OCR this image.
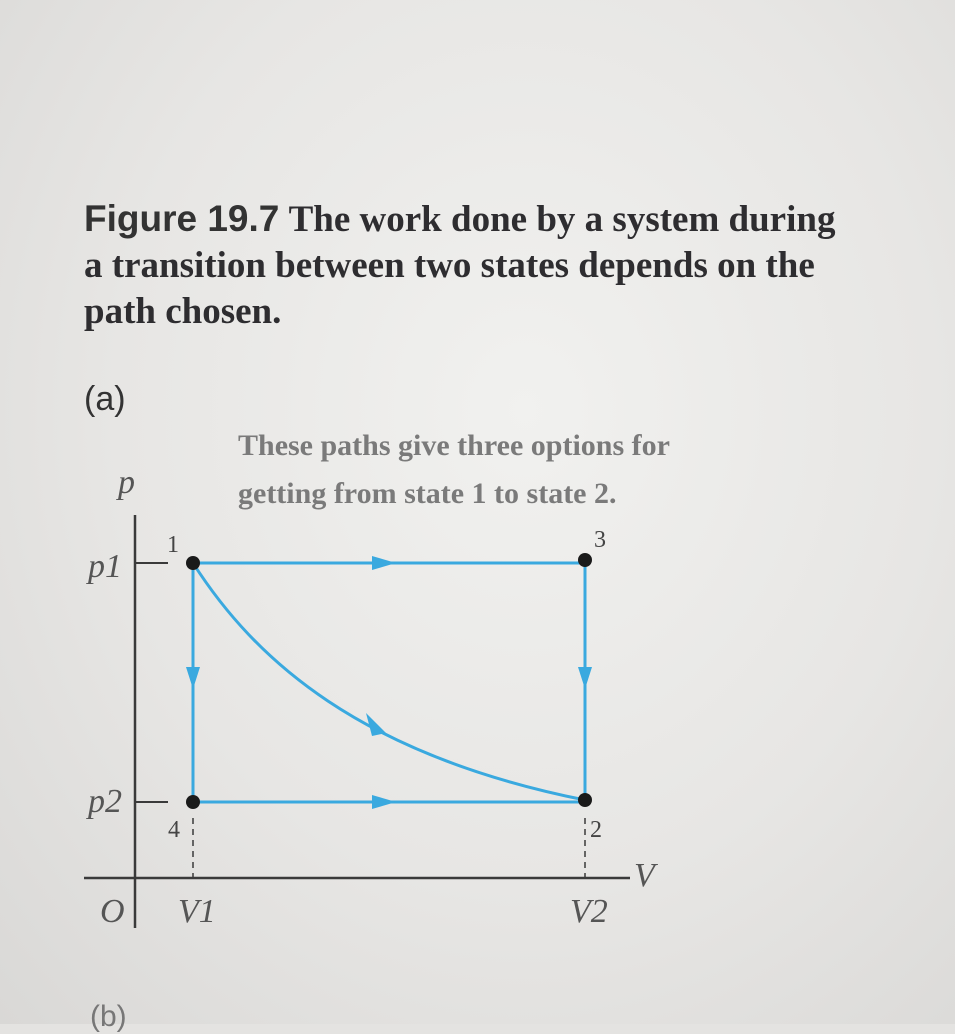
Figure 19.7 The work done by a system during a transition between two states depends on the path chosen.
(a)
These paths give three options for
getting from state 1 to state 2.
p
V
O
p1
p2
V1	V2
1	3
4	2
(b)
